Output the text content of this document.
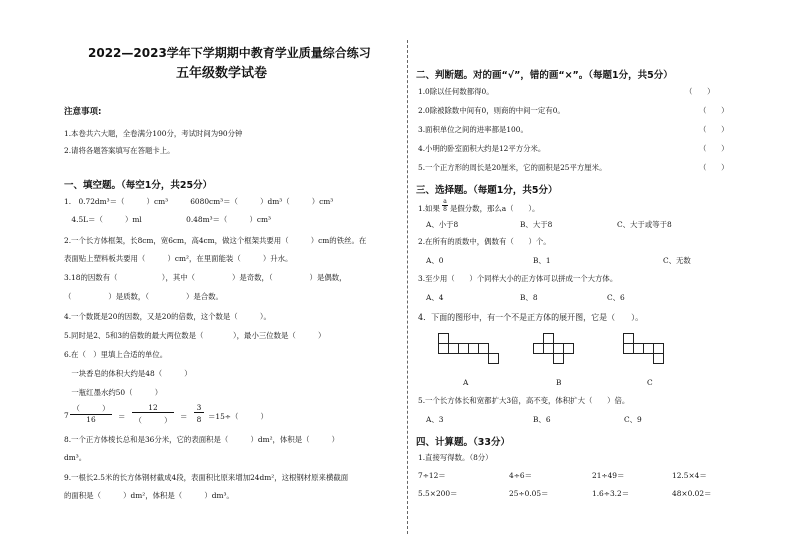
2022—2023学年下学期期中教育学业质量综合练习
五年级数学试卷
注意事项:
1.本卷共六大题，全卷满分100分，考试时间为90分钟
2.请将各题答案填写在答题卡上。
一、填空题。（每空1分，共25分）
1.　0.72dm³＝（　　　）cm³　　　6080cm³＝（　　　）dm³（　　　）cm³
　4.5L＝（　　　）ml　　　　　　0.48m³＝（　　　）cm³
2.一个长方体框架，长8cm，宽6cm，高4cm，做这个框架共要用（　　　）cm的铁丝。在
表面贴上塑料板共要用（　　　）cm²，在里面能装（　　　）升水。
3.18的因数有（　　　　　　），其中（　　　　　）是奇数，（　　　　　）是偶数，
（　　　　　）是质数，（　　　　　）是合数。
4.一个数既是20的因数，又是20的倍数，这个数是（　　　）。
5.同时是2、5和3的倍数的最大两位数是（　　　　），最小三位数是（　　　）
6.在（　）里填上合适的单位。
　一块香皂的体积大约是48（　　　）
　一瓶红墨水约50（　　　）
7
（　　　）
16	＝
12
（　　　）	＝
3
8 ＝15÷（　　　）
8.一个正方体棱长总和是36分米，它的表面积是（　　　）dm²，体积是（　　　）
dm³。
9.一根长2.5米的长方体钢材截成4段，表面积比原来增加24dm²，这根钢材原来横截面
的面积是（　　　）dm²，体积是（　　　）dm³。
二、判断题。对的画“√”，错的画“×”。（每题1分，共5分）
1.0除以任何数都得0。	（　　）
2.0除被除数中间有0，则商的中间一定有0。	（　　）
3.面积单位之间的进率都是100。	（　　）
4.小明的卧室面积大约是12平方分米。	（　　）
5.一个正方形的周长是20厘米，它的面积是25平方厘米。	（　　）
三、选择题。（每题1分，共5分）
1.如果
a
8 是假分数，那么a（　　）。
A、小于8	B、大于8	C、大于或等于8
2.在所有的质数中，偶数有（　　）个。
A、0	B、1	C、无数
3.至少用（　　）个同样大小的正方体可以拼成一个大方体。
A、4	B、8	C、6
4．下面的图形中，有一个不是正方体的展开图，它是（　　）。
A	B	C
5.一个长方体长和宽都扩大3倍，高不变，体积扩大（　　）倍。
A、3	B、6	C、9
四、计算题。（33分）
1.直接写得数。（8分）
7÷12＝	4÷6＝	21÷49＝	12.5×4＝
5.5×200＝	25÷0.05＝	1.6÷3.2＝	48×0.02＝
